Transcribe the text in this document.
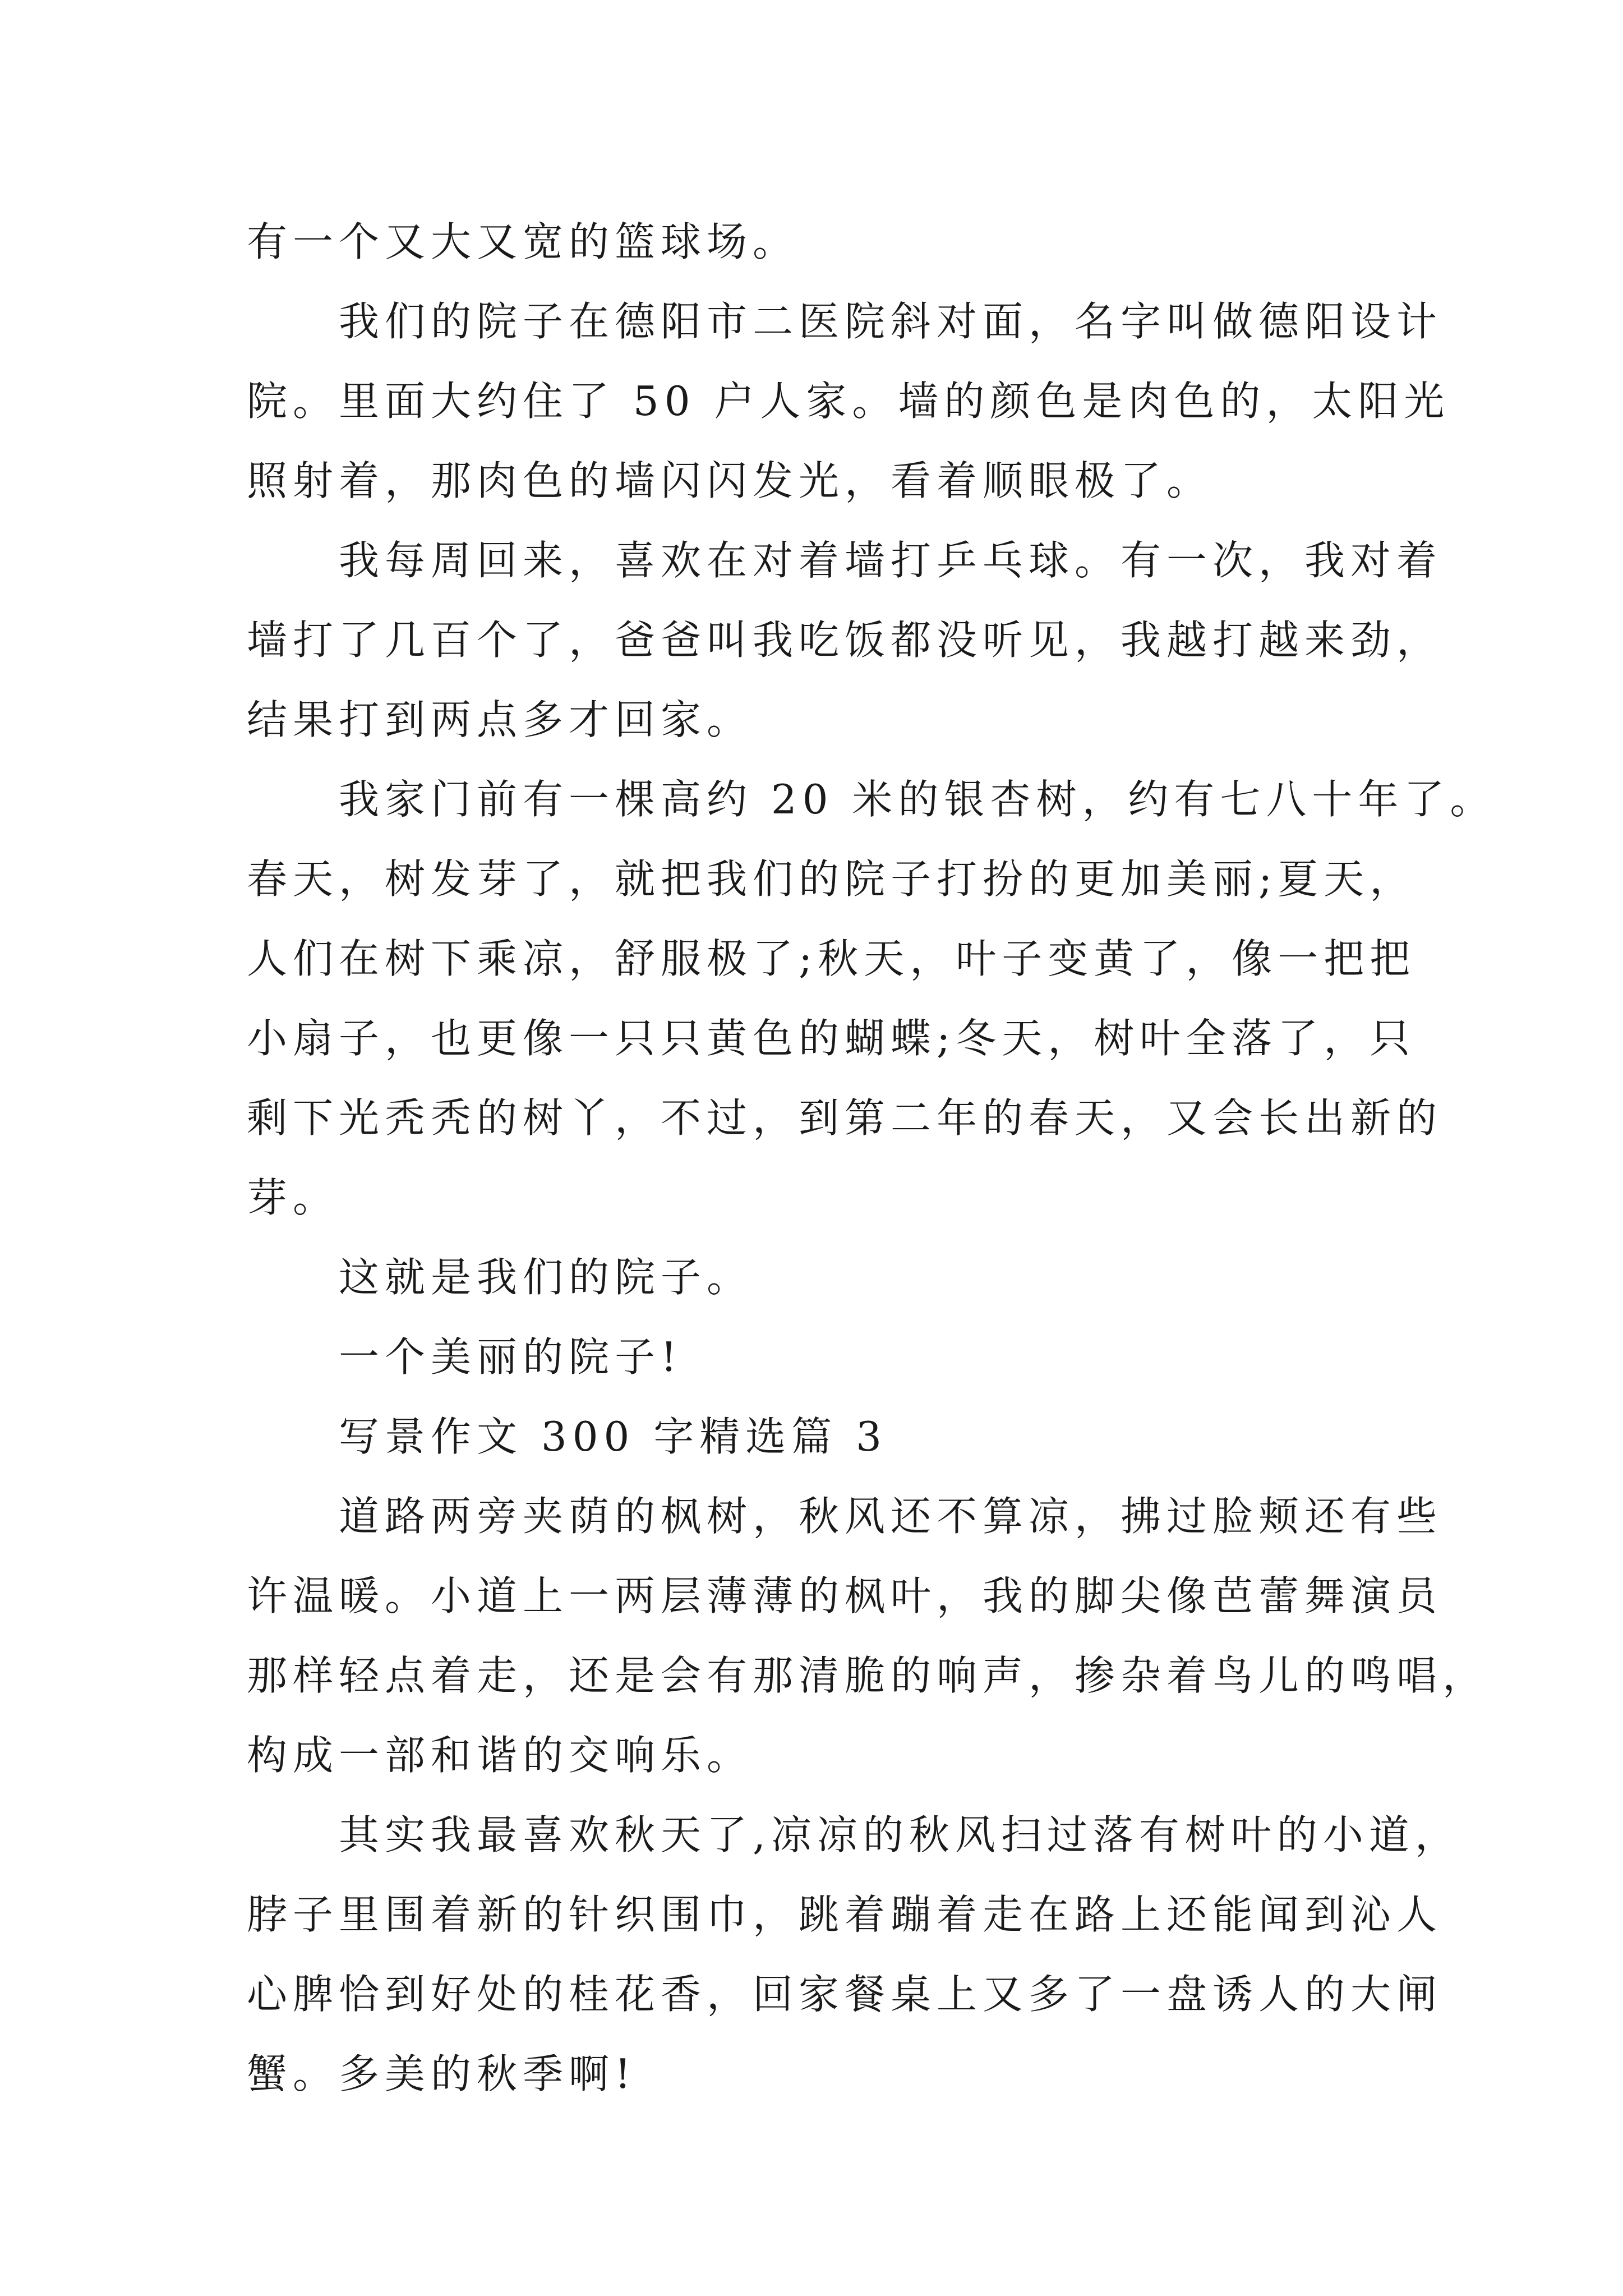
有一个又大又宽的篮球场。
我们的院子在德阳市二医院斜对面，名字叫做德阳设计
院。里面大约住了 50 户人家。墙的颜色是肉色的，太阳光
照射着，那肉色的墙闪闪发光，看着顺眼极了。
我每周回来，喜欢在对着墙打乒乓球。有一次，我对着
墙打了几百个了，爸爸叫我吃饭都没听见，我越打越来劲，
结果打到两点多才回家。
我家门前有一棵高约 20 米的银杏树，约有七八十年了。
春天，树发芽了，就把我们的院子打扮的更加美丽;夏天，
人们在树下乘凉，舒服极了;秋天，叶子变黄了，像一把把
小扇子，也更像一只只黄色的蝴蝶;冬天，树叶全落了，只
剩下光秃秃的树丫，不过，到第二年的春天，又会长出新的
芽。
这就是我们的院子。
一个美丽的院子!
写景作文 300 字精选篇 3
道路两旁夹荫的枫树，秋风还不算凉，拂过脸颊还有些
许温暖。小道上一两层薄薄的枫叶，我的脚尖像芭蕾舞演员
那样轻点着走，还是会有那清脆的响声，掺杂着鸟儿的鸣唱，
构成一部和谐的交响乐。
其实我最喜欢秋天了,凉凉的秋风扫过落有树叶的小道，
脖子里围着新的针织围巾，跳着蹦着走在路上还能闻到沁人
心脾恰到好处的桂花香，回家餐桌上又多了一盘诱人的大闸
蟹。多美的秋季啊!
